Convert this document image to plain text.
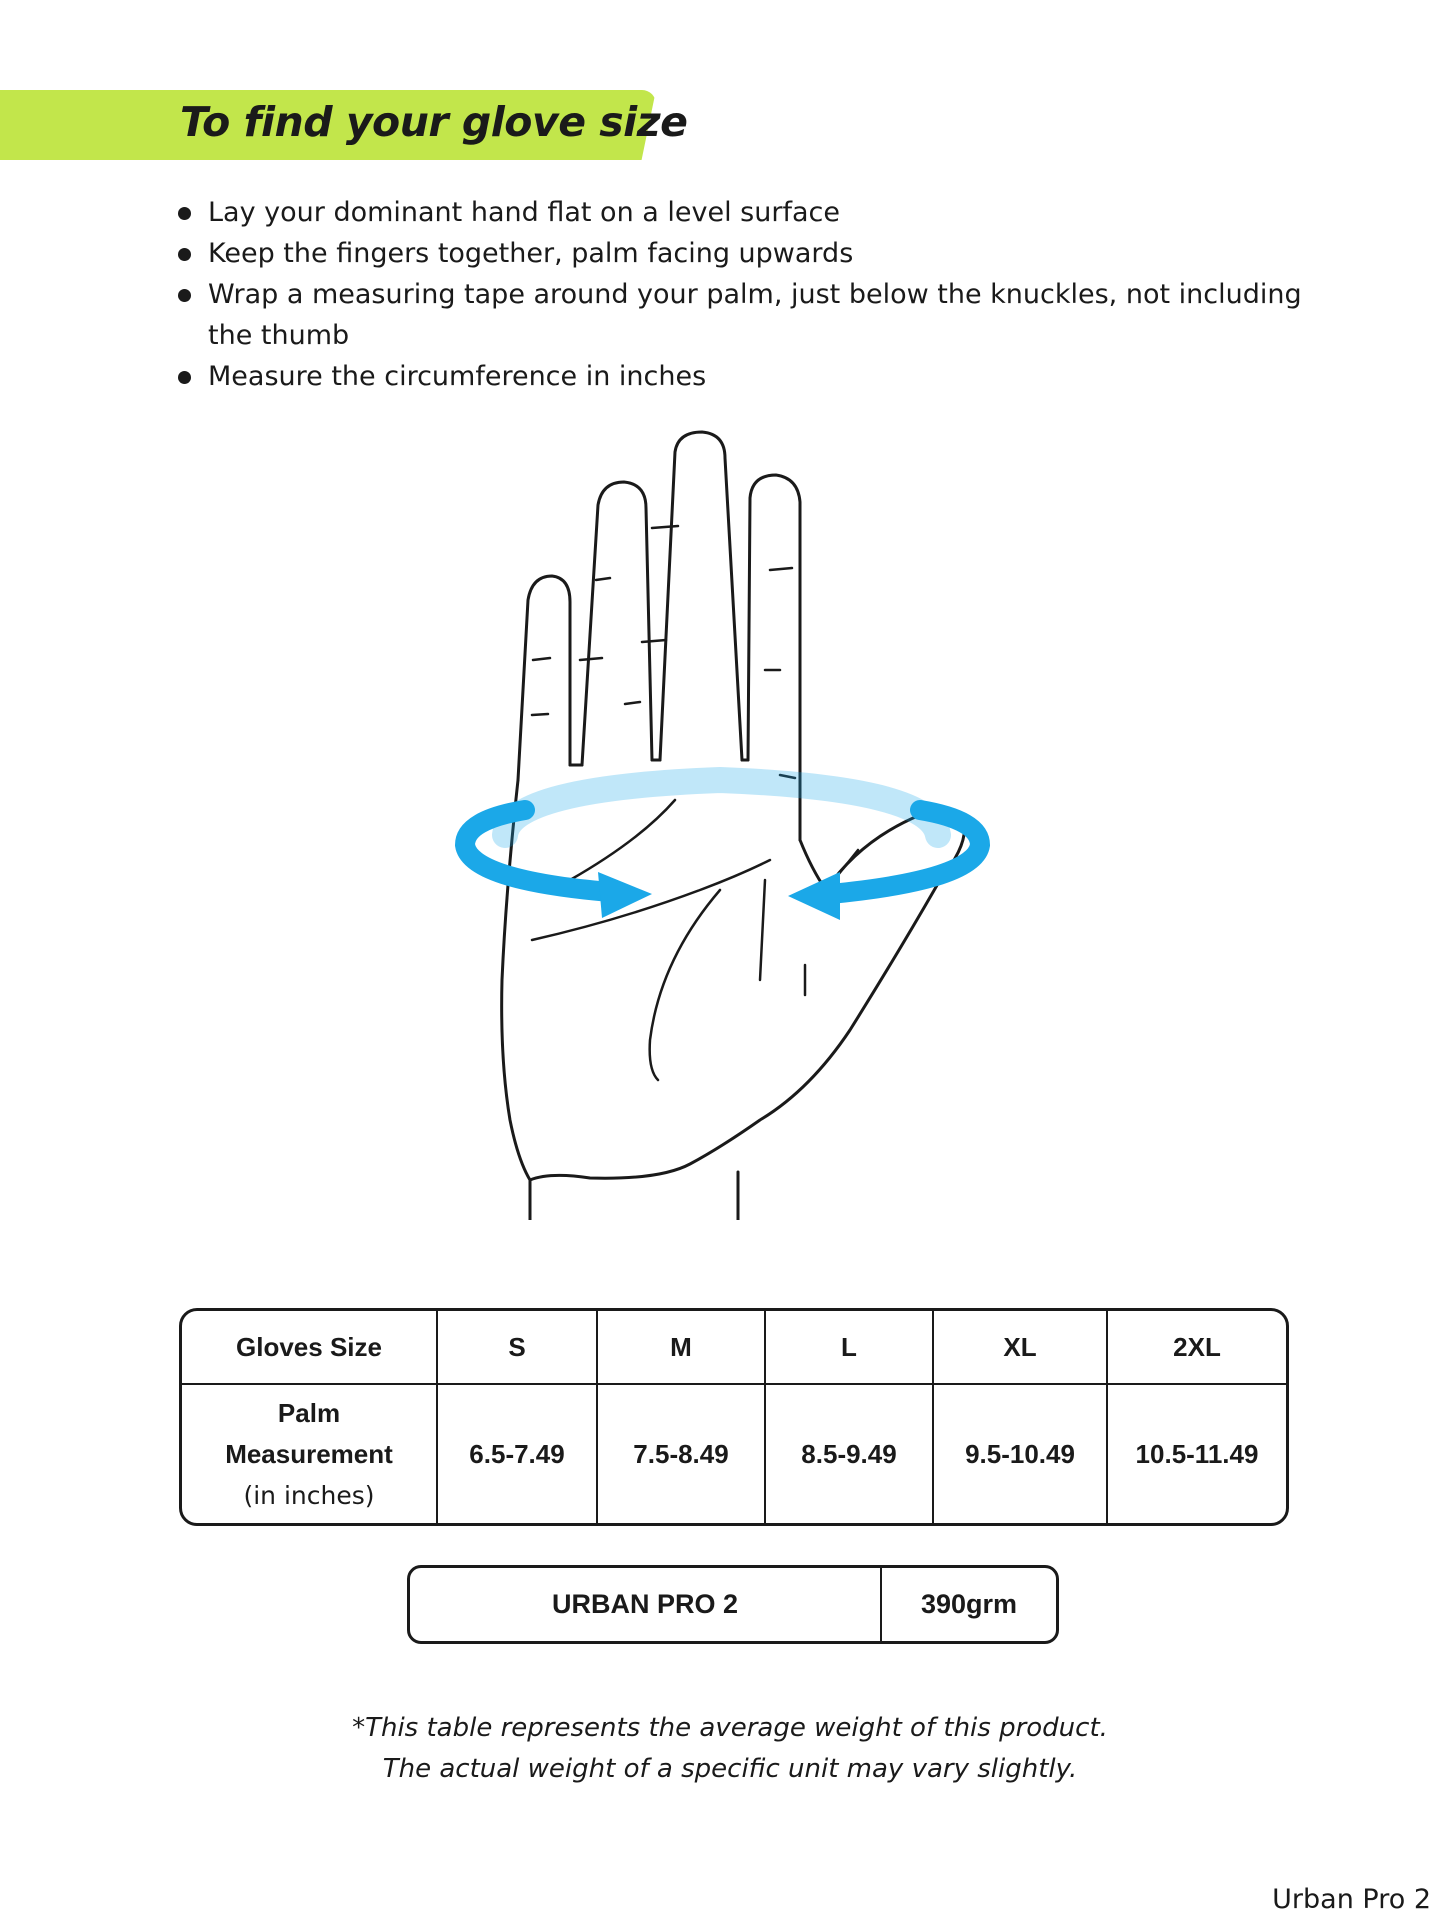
To find your glove size
Lay your dominant hand flat on a level surface
Keep the fingers together, palm facing upwards
Wrap a measuring tape around your palm, just below the knuckles, not including the thumb
Measure the circumference in inches
Gloves Size	S	M	L	XL	2XL
Palm
Measurement
(in inches)
6.5-7.49	7.5-8.49	8.5-9.49	9.5-10.49	10.5-11.49
URBAN PRO 2	390grm
*This table represents the average weight of this product.
The actual weight of a specific unit may vary slightly.
Urban Pro 2
